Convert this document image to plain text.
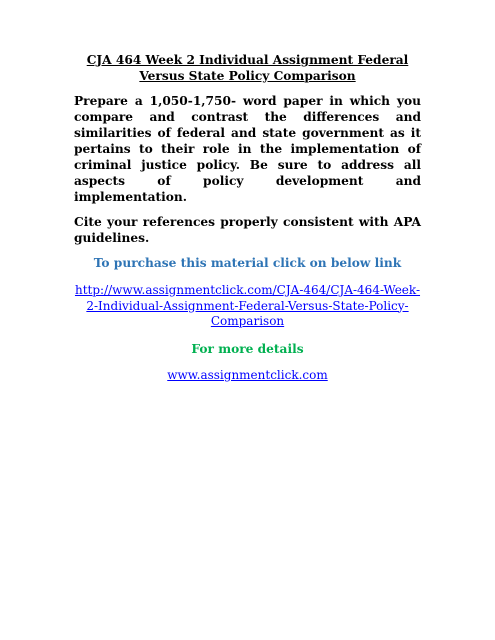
CJA 464 Week 2 Individual Assignment Federal Versus State Policy Comparison

Prepare a 1,050-1,750- word paper in which you compare and contrast the differences and similarities of federal and state government as it pertains to their role in the implementation of criminal justice policy. Be sure to address all aspects of policy development and implementation.

Cite your references properly consistent with APA guidelines.

To purchase this material click on below link

http://www.assignmentclick.com/CJA-464/CJA-464-Week-2-Individual-Assignment-Federal-Versus-State-Policy-Comparison

For more details

www.assignmentclick.com
